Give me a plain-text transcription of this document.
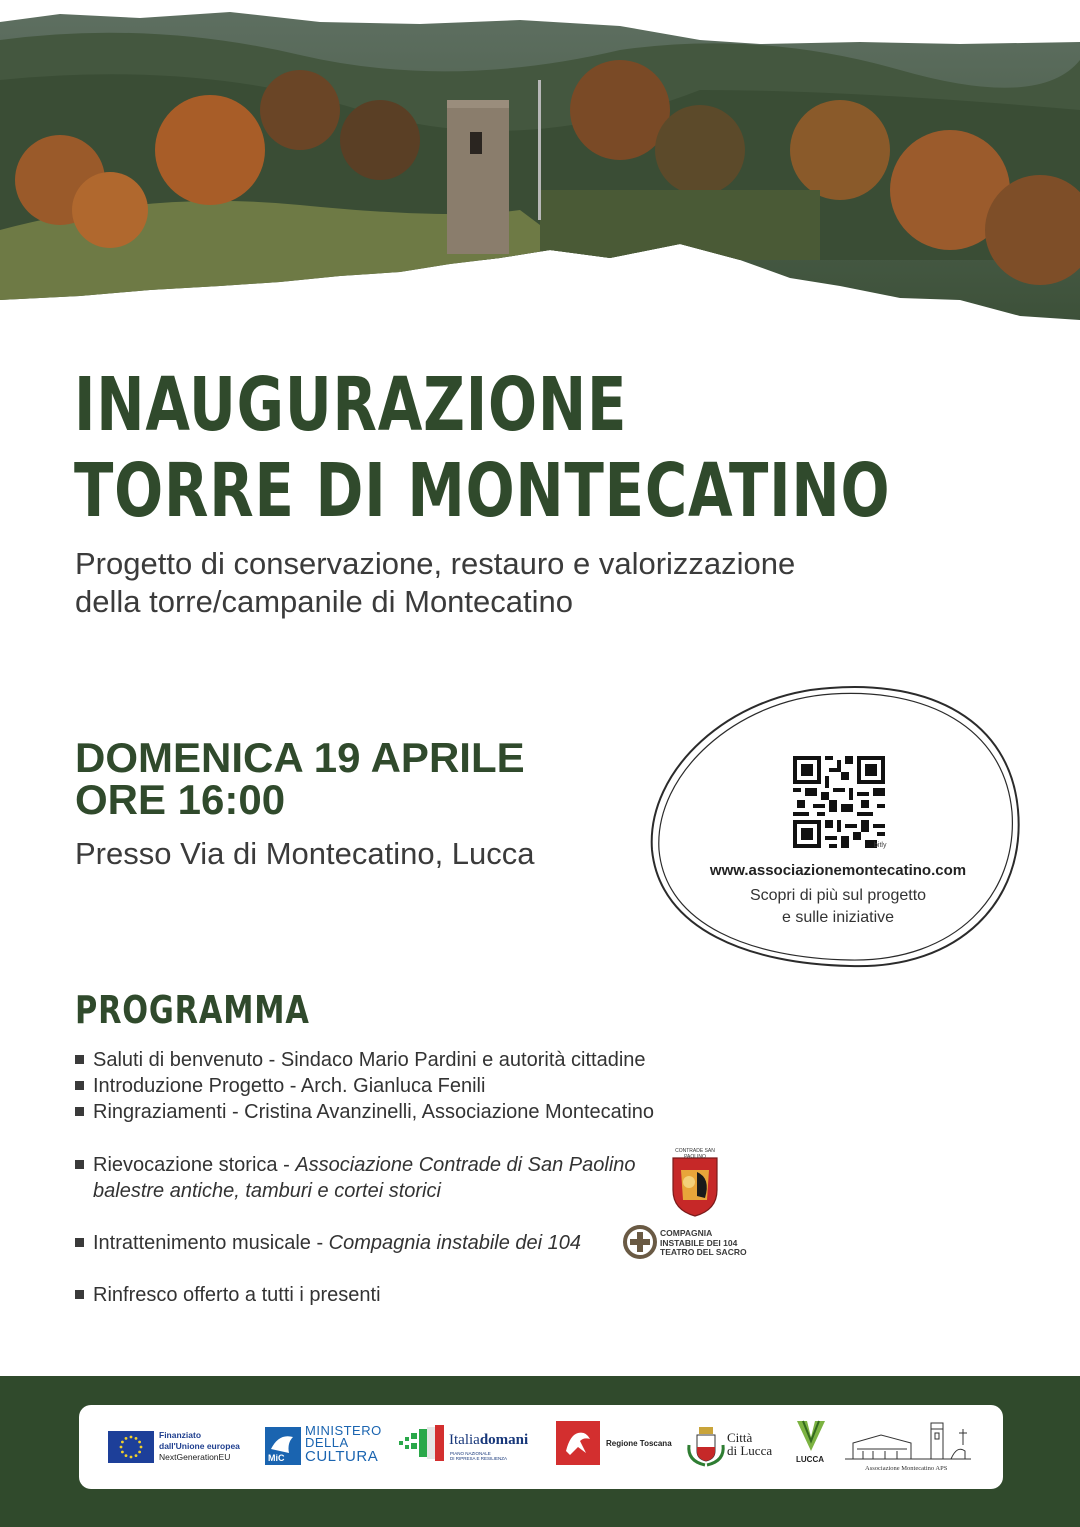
INAUGURAZIONE
TORRE DI MONTECATINO
Progetto di conservazione, restauro e valorizzazione
della torre/campanile di Montecatino
DOMENICA 19 APRILE
ORE 16:00
Presso Via di Montecatino, Lucca	bitly
www.associazionemontecatino.com
Scopri di più sul progetto
e sulle iniziative
PROGRAMMA
Saluti di benvenuto - Sindaco Mario Pardini e autorità cittadine
Introduzione Progetto - Arch. Gianluca Fenili
Ringraziamenti - Cristina Avanzinelli, Associazione Montecatino
Rievocazione storica - Associazione Contrade di San Paolino
balestre antiche, tamburi e cortei storici
CONTRADE SAN PAOLINO
Intrattenimento musicale - Compagnia instabile dei 104	COMPAGNIA
INSTABILE DEI 104
TEATRO DEL SACRO
Rinfresco offerto a tutti i presenti
Finanziato
dall'Unione europea
NextGenerationEU	MiC
MINISTERO
DELLA
CULTURA
Italiadomani
PIANO NAZIONALE
DI RIPRESA E RESILIENZA
Regione Toscana	Città
di Lucca
LUCCA
Associazione Montecatino APS
